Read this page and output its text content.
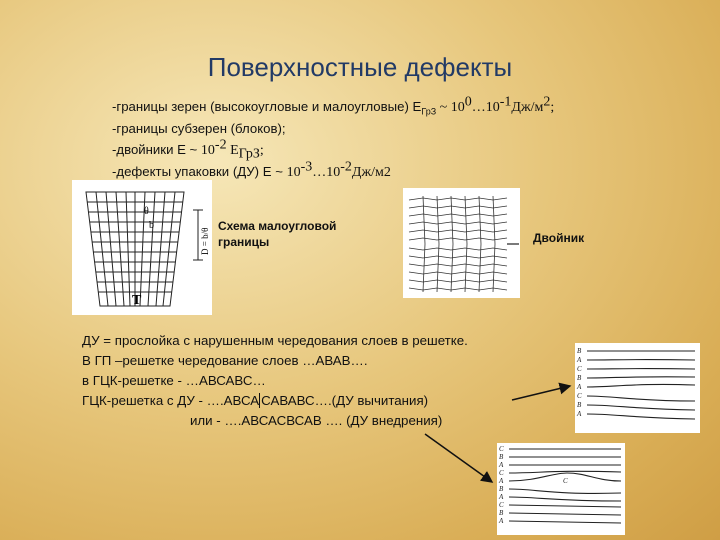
Поверхностные дефекты
-границы зерен (высокоугловые и малоугловые) $Е_{ГрЗ}$ ~ $10^0\dots 10^{-1}Дж/м^2$;
-границы субзерен (блоков);
-двойники Е ~ $10^{-2}$ $Е_{ГрЗ}$;
-дефекты упаковки (ДУ) Е ~ $10^{-3}\dots 10^{-2}Дж/м2$
θ
b
T
D = b/θ
Схема малоугловой
границы	Двойник
ДУ = прослойка с нарушенным чередования слоев в решетке.
В ГП –решетке чередование слоев …АВАВ….
в ГЦК-решетке - …АВСАВС…
ГЦК-решетка с ДУ - ….АВСА САВАВС….(ДУ вычитания)
или - ….АВСАСВСАВ …. (ДУ внедрения)
B
A
C
B
A
C
B
A
C
B
A
C
A
B
A
C
B
A
C
